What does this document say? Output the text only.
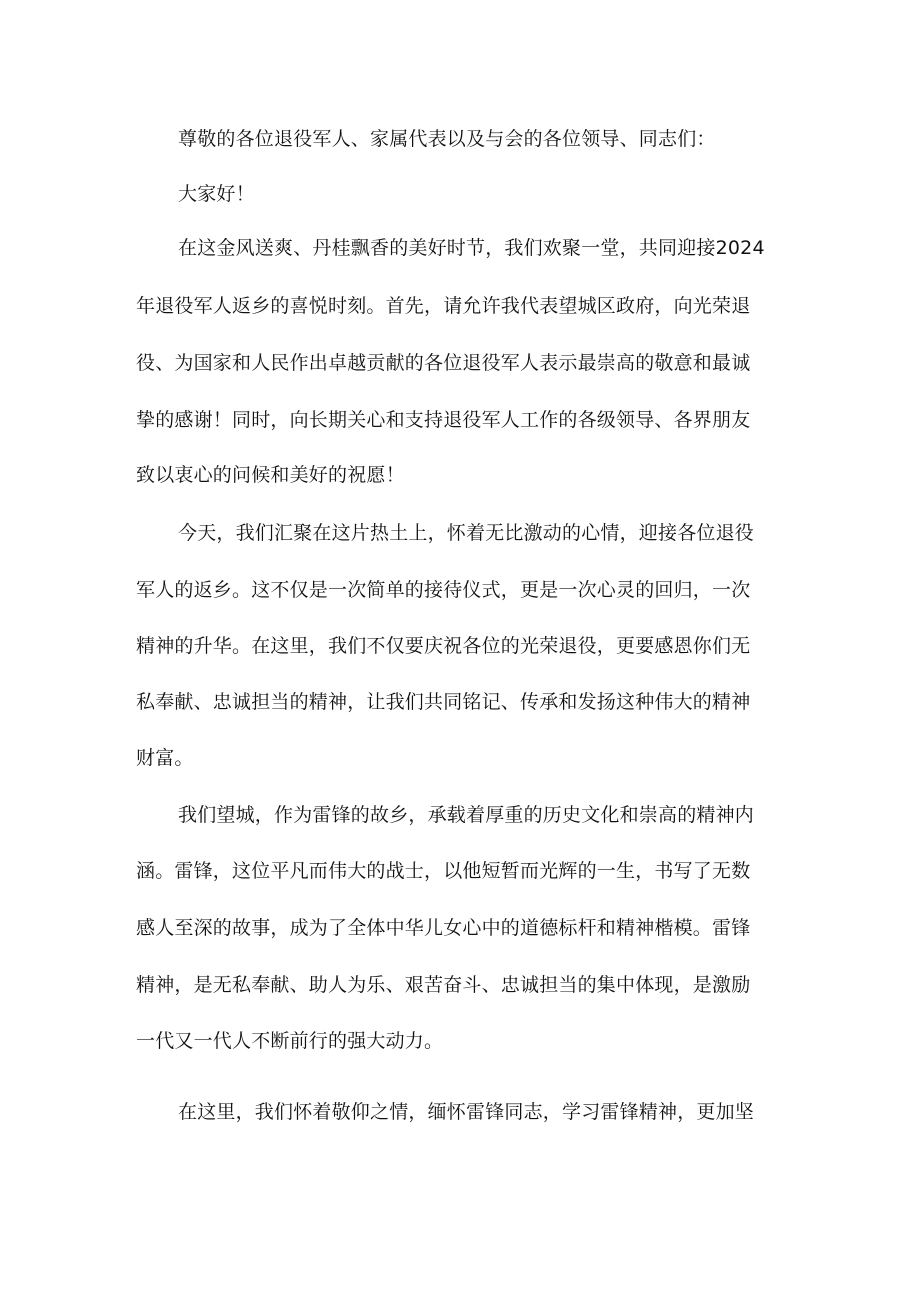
尊敬的各位退役军人、家属代表以及与会的各位领导、同志们：
大家好！
在这金风送爽、丹桂飘香的美好时节，我们欢聚一堂，共同迎接2024
年退役军人返乡的喜悦时刻。首先，请允许我代表望城区政府，向光荣退
役、为国家和人民作出卓越贡献的各位退役军人表示最崇高的敬意和最诚
挚的感谢！同时，向长期关心和支持退役军人工作的各级领导、各界朋友
致以衷心的问候和美好的祝愿！
今天，我们汇聚在这片热土上，怀着无比激动的心情，迎接各位退役
军人的返乡。这不仅是一次简单的接待仪式，更是一次心灵的回归，一次
精神的升华。在这里，我们不仅要庆祝各位的光荣退役，更要感恩你们无
私奉献、忠诚担当的精神，让我们共同铭记、传承和发扬这种伟大的精神
财富。
我们望城，作为雷锋的故乡，承载着厚重的历史文化和崇高的精神内
涵。雷锋，这位平凡而伟大的战士，以他短暂而光辉的一生，书写了无数
感人至深的故事，成为了全体中华儿女心中的道德标杆和精神楷模。雷锋
精神，是无私奉献、助人为乐、艰苦奋斗、忠诚担当的集中体现，是激励
一代又一代人不断前行的强大动力。
在这里，我们怀着敬仰之情，缅怀雷锋同志，学习雷锋精神，更加坚
